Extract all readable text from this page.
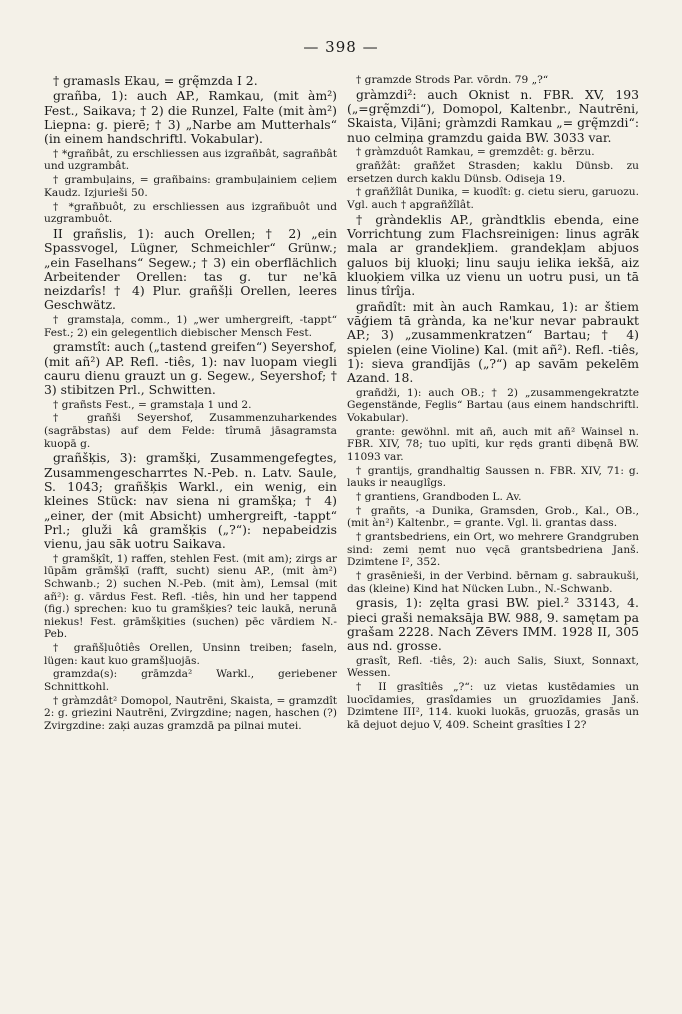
— 398 —

† gramasls Ekau, = grę̃mzda I 2.

grañba, 1): auch AP., Ramkau, (mit àm²) Fest., Saikava; † 2) die Runzel, Falte (mit àm²) Liepna: g. pierē; † 3) „Narbe am Mutterhals“ (in einem handschriftl. Vokabular).

† *grañbât, zu erschliessen aus izgrañbât, sagrañbât und uzgrambât.

† grambuļains, = grañbains: grambuļainiem ceļiem Kaudz. Izjurieši 50.

† *grañbuôt, zu erschliessen aus izgrañbuôt und uzgrambuôt.

II grañslis, 1): auch Orellen; † 2) „ein Spassvogel, Lügner, Schmeichler“ Grünw.; „ein Faselhans“ Segew.; † 3) ein oberflächlich Arbeitender Orellen: tas g. tur ne'kā neizdarîs! † 4) Plur. grañšļi Orellen, leeres Geschwätz.

† gramstaļa, comm., 1) „wer umhergreift, -tappt“ Fest.; 2) ein gelegentlich diebischer Mensch Fest.

gramstît: auch („tastend greifen“) Seyershof, (mit añ²) AP. Refl. -tiês, 1): nav luopam viegli cauru dienu grauzt un g. Segew., Seyershof; † 3) stibitzen Prl., Schwitten.

† grañsts Fest., = gramstaļa 1 und 2.

† grañši Seyershof, Zusammenzuharkendes (sagrābstas) auf dem Felde: tîrumā jāsagramsta kuopā g.

grañšķis, 3): gramšķi, Zusammengefegtes, Zusammengescharrtes N.-Peb. n. Latv. Saule, S. 1043; grañšķis Warkl., ein wenig, ein kleines Stück: nav siena ni gramšķa; † 4) „einer, der (mit Absicht) umhergreift, -tappt“ Prl.; gluži kâ gramšķis („?“): nepabeidzis vienu, jau sāk uotru Saikava.

† gramšķît, 1) raffen, stehlen Fest. (mit am); zirgs ar lūpām grāmšķī (rafft, sucht) sienu AP., (mit àm²) Schwanb.; 2) suchen N.-Peb. (mit àm), Lemsal (mit añ²): g. vārdus Fest. Refl. -tiês, hin und her tappend (fig.) sprechen: kuo tu gramšķies? teic laukā, nerunā niekus! Fest. grāmšķities (suchen) pēc vārdiem N.-Peb.

† grañšļuôtiês Orellen, Unsinn treiben; faseln, lügen: kaut kuo gramšļuojās.

gramzda(s): grāmzda² Warkl., geriebener Schnittkohl.

† gràmzdât² Domopol, Nautrēni, Skaista, = gramzdît 2: g. griezini Nautrēni, Zvirgzdine; nagen, haschen (?) Zvirgzdine: zaķi auzas gramzdā pa pilnai mutei.

† gramzde Strods Par. vōrdn. 79 „?“

gràmzdi²: auch Oknist n. FBR. XV, 193 („=grę̃mzdi“), Domopol, Kaltenbr., Nautrēni, Skaista, Viļāni; gràmzdi Ramkau „= grę̃mzdi“: nuo celmiņa gramzdu gaida BW. 3033 var.

† gràmzduôt Ramkau, = gremzdêt: g. bērzu.

grañžât: grañžet Strasden; kaklu Dünsb. zu ersetzen durch kaklu Dünsb. Odiseja 19.

† grañžîlât Dunika, = kuodît: g. cietu sieru, garuozu. Vgl. auch † apgrañžîlât.

† gràndeklis AP., gràndtklis ebenda, eine Vorrichtung zum Flachsreinigen: linus agrāk mala ar grandekļiem. grandekļam abjuos galuos bij kluoķi; linu sauju ielika iekšā, aiz kluoķiem vilka uz vienu un uotru pusi, un tā linus tîrîja.

grañdît: mit àn auch Ramkau, 1): ar štiem vāģiem tā grànda, ka ne'kur nevar pabraukt AP.; 3) „zusammenkratzen“ Bartau; † 4) spielen (eine Violine) Kal. (mit añ²). Refl. -tiês, 1): sieva grandījās („?“) ap savām pekelēm Azand. 18.

grañdži, 1): auch OB.; † 2) „zusammengekratzte Gegenstände, Feglis“ Bartau (aus einem handschriftl. Vokabular).

grante: gewöhnl. mit añ, auch mit añ² Wainsel n. FBR. XIV, 78; tuo upīti, kur ręds granti dibęnā BW. 11093 var.

† grantijs, grandhaltig Saussen n. FBR. XIV, 71: g. lauks ir neauglîgs.

† grantiens, Grandboden L. Av.

† grañts, -a Dunika, Gramsden, Grob., Kal., OB., (mit àn²) Kaltenbr., = grante. Vgl. li. grantas dass.

† grantsbedriens, ein Ort, wo mehrere Grandgruben sind: zemi ņemt nuo vęcā grantsbedriena Janš. Dzimtene I², 352.

† grasēnieši, in der Verbind. bērnam g. sabraukuši, das (kleine) Kind hat Nücken Lubn., N.-Schwanb.

grasis, 1): zęlta grasi BW. piel.² 33143, 4. pieci graši nemaksāja BW. 988, 9. samętam pa grašam 2228. Nach Zēvers IMM. 1928 II, 305 aus nd. grosse.

grasît, Refl. -tiês, 2): auch Salis, Siuxt, Sonnaxt, Wessen.

† II grasîtiês „?“: uz vietas kustēdamies un luocīdamies, grasîdamies un gruozīdamies Janš. Dzimtene III², 114. kuoki luokās, gruozās, grasās un kā dejuot dejuo V, 409. Scheint grasîties I 2?
